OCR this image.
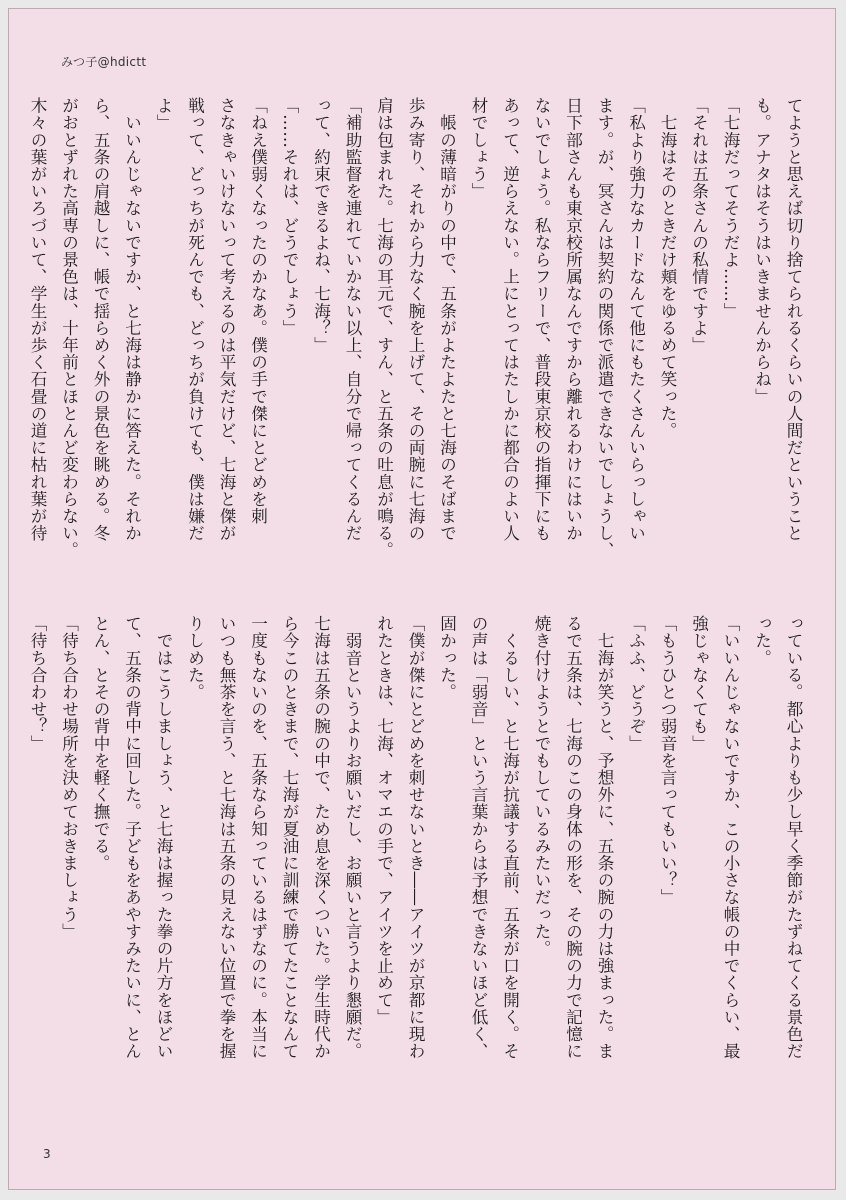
みつ子@hdictt

てようと思えば切り捨てられるくらいの人間だということ

も。アナタはそうはいきませんからね」

「七海だってそうだよ……」

「それは五条さんの私情ですよ」

　七海はそのときだけ頬をゆるめて笑った。

「私より強力なカードなんて他にもたくさんいらっしゃい

ます。が、冥さんは契約の関係で派遣できないでしょうし、

日下部さんも東京校所属なんですから離れるわけにはいか

ないでしょう。私ならフリーで、普段東京校の指揮下にも

あって、逆らえない。上にとってはたしかに都合のよい人

材でしょう」

　帳の薄暗がりの中で、五条がよたよたと七海のそばまで

歩み寄り、それから力なく腕を上げて、その両腕に七海の

肩は包まれた。七海の耳元で、すん、と五条の吐息が鳴る。

「補助監督を連れていかない以上、自分で帰ってくるんだ

って、約束できるよね、七海？」

「……それは、どうでしょう」

「ねえ僕弱くなったのかなあ。僕の手で傑にとどめを刺

さなきゃいけないって考えるのは平気だけど、七海と傑が

戦って、どっちが死んでも、どっちが負けても、僕は嫌だ

よ」

　いいんじゃないですか、と七海は静かに答えた。それか

ら、五条の肩越しに、帳で揺らめく外の景色を眺める。冬

がおとずれた高専の景色は、十年前とほとんど変わらない。

木々の葉がいろづいて、学生が歩く石畳の道に枯れ葉が待

っている。都心よりも少し早く季節がたずねてくる景色だ

った。

「いいんじゃないですか、この小さな帳の中でくらい、最

強じゃなくても」

「もうひとつ弱音を言ってもいい？」

「ふふ、どうぞ」

　七海が笑うと、予想外に、五条の腕の力は強まった。ま

るで五条は、七海のこの身体の形を、その腕の力で記憶に

焼き付けようとでもしているみたいだった。

　くるしい、と七海が抗議する直前、五条が口を開く。そ

の声は「弱音」という言葉からは予想できないほど低く、

固かった。

「僕が傑にとどめを刺せないとき――アイツが京都に現わ

れたときは、七海、オマエの手で、アイツを止めて」

　弱音というよりお願いだし、お願いと言うより懇願だ。

七海は五条の腕の中で、ため息を深くついた。学生時代か

ら今このときまで、七海が夏油に訓練で勝てたことなんて

一度もないのを、五条なら知っているはずなのに。本当に

いつも無茶を言う、と七海は五条の見えない位置で拳を握

りしめた。

　ではこうしましょう、と七海は握った拳の片方をほどい

て、五条の背中に回した。子どもをあやすみたいに、とん

とん、とその背中を軽く撫でる。

「待ち合わせ場所を決めておきましょう」

「待ち合わせ？」

3
